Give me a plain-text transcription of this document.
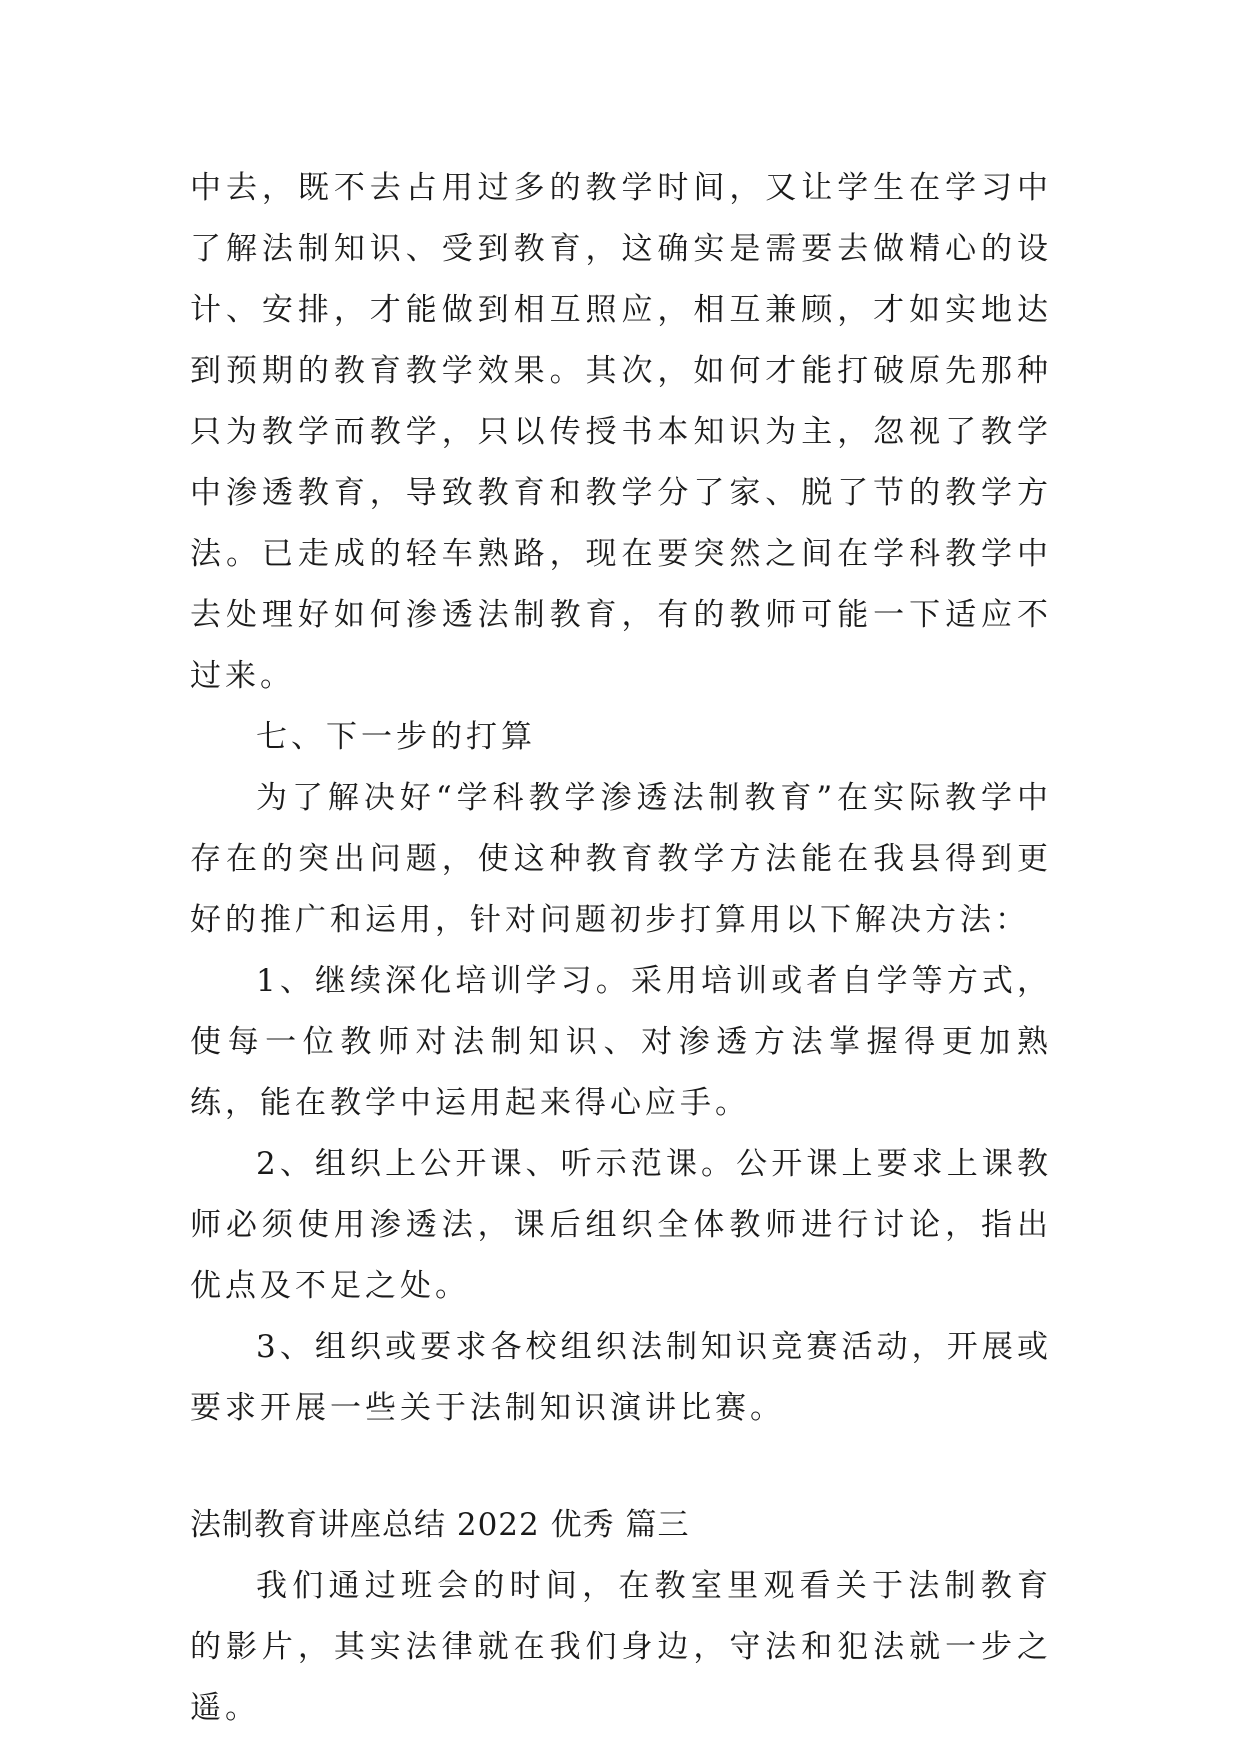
中去，既不去占用过多的教学时间，又让学生在学习中了解法制知识、受到教育，这确实是需要去做精心的设计、安排，才能做到相互照应，相互兼顾，才如实地达到预期的教育教学效果。其次，如何才能打破原先那种只为教学而教学，只以传授书本知识为主，忽视了教学中渗透教育，导致教育和教学分了家、脱了节的教学方法。已走成的轻车熟路，现在要突然之间在学科教学中去处理好如何渗透法制教育，有的教师可能一下适应不过来。

七、下一步的打算

为了解决好“学科教学渗透法制教育”在实际教学中存在的突出问题，使这种教育教学方法能在我县得到更好的推广和运用，针对问题初步打算用以下解决方法：

1、继续深化培训学习。采用培训或者自学等方式，使每一位教师对法制知识、对渗透方法掌握得更加熟练，能在教学中运用起来得心应手。

2、组织上公开课、听示范课。公开课上要求上课教师必须使用渗透法，课后组织全体教师进行讨论，指出优点及不足之处。

3、组织或要求各校组织法制知识竞赛活动，开展或要求开展一些关于法制知识演讲比赛。

法制教育讲座总结 2022 优秀 篇三

我们通过班会的时间，在教室里观看关于法制教育的影片，其实法律就在我们身边，守法和犯法就一步之遥。
